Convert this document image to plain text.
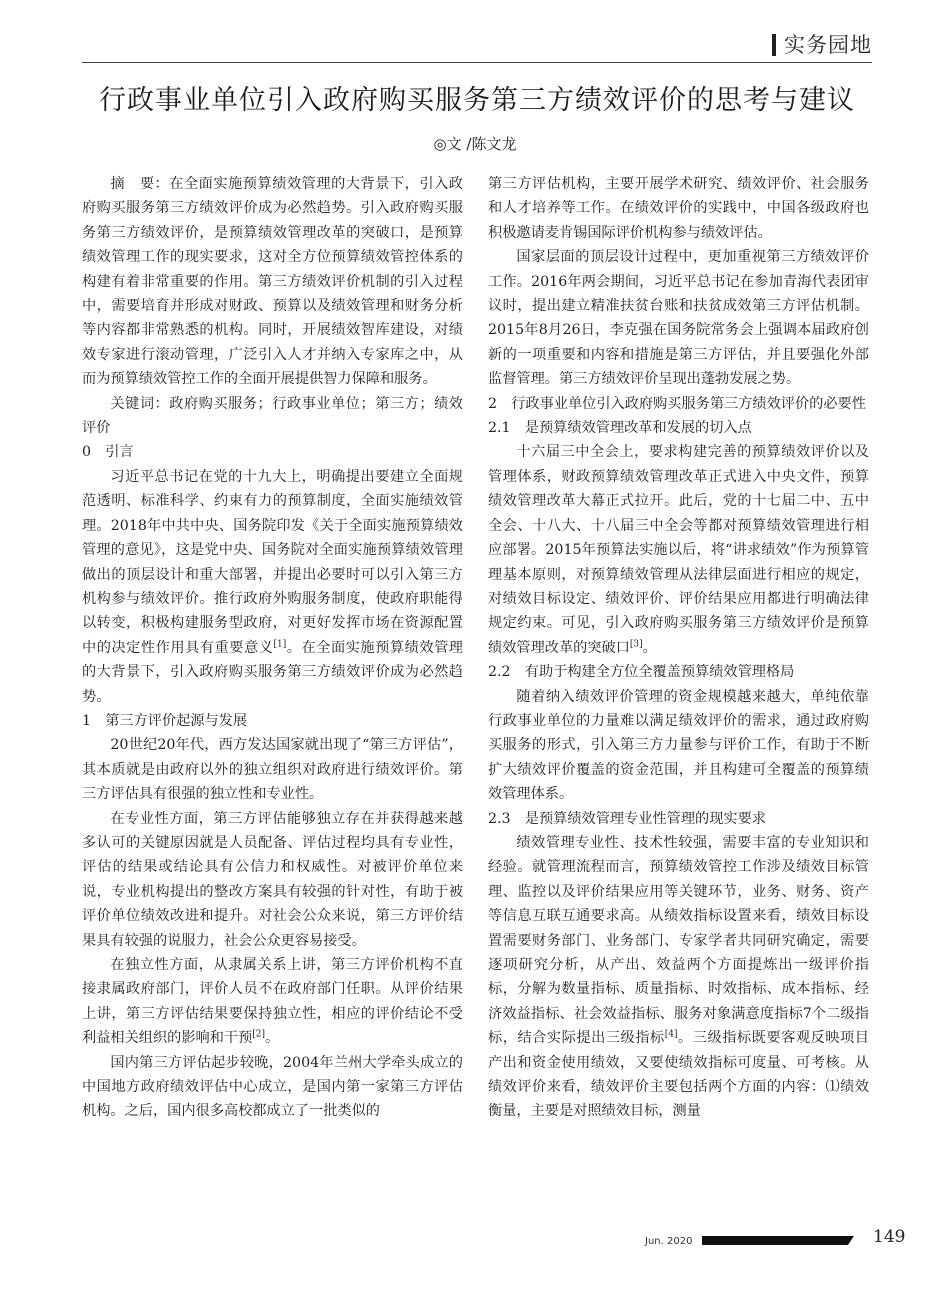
实务园地
行政事业单位引入政府购买服务第三方绩效评价的思考与建议
◎文 /陈文龙

摘　要：在全面实施预算绩效管理的大背景下，引入政府购买服务第三方绩效评价成为必然趋势。引入政府购买服务第三方绩效评价，是预算绩效管理改革的突破口，是预算绩效管理工作的现实要求，这对全方位预算绩效管控体系的构建有着非常重要的作用。第三方绩效评价机制的引入过程中，需要培育并形成对财政、预算以及绩效管理和财务分析等内容都非常熟悉的机构。同时，开展绩效智库建设，对绩效专家进行滚动管理，广泛引入人才并纳入专家库之中，从而为预算绩效管控工作的全面开展提供智力保障和服务。

关键词：政府购买服务；行政事业单位；第三方；绩效评价

0　引言

习近平总书记在党的十九大上，明确提出要建立全面规范透明、标准科学、约束有力的预算制度，全面实施绩效管理。2018年中共中央、国务院印发《关于全面实施预算绩效管理的意见》，这是党中央、国务院对全面实施预算绩效管理做出的顶层设计和重大部署，并提出必要时可以引入第三方机构参与绩效评价。推行政府外购服务制度，使政府职能得以转变，积极构建服务型政府，对更好发挥市场在资源配置中的决定性作用具有重要意义[1]。在全面实施预算绩效管理的大背景下，引入政府购买服务第三方绩效评价成为必然趋势。

1　第三方评价起源与发展

20世纪20年代，西方发达国家就出现了“第三方评估”，其本质就是由政府以外的独立组织对政府进行绩效评价。第三方评估具有很强的独立性和专业性。

在专业性方面，第三方评估能够独立存在并获得越来越多认可的关键原因就是人员配备、评估过程均具有专业性，评估的结果或结论具有公信力和权威性。对被评价单位来说，专业机构提出的整改方案具有较强的针对性，有助于被评价单位绩效改进和提升。对社会公众来说，第三方评价结果具有较强的说服力，社会公众更容易接受。

在独立性方面，从隶属关系上讲，第三方评价机构不直接隶属政府部门，评价人员不在政府部门任职。从评价结果上讲，第三方评估结果要保持独立性，相应的评价结论不受利益相关组织的影响和干预[2]。

国内第三方评估起步较晚，2004年兰州大学牵头成立的中国地方政府绩效评估中心成立，是国内第一家第三方评估机构。之后，国内很多高校都成立了一批类似的

第三方评估机构，主要开展学术研究、绩效评价、社会服务和人才培养等工作。在绩效评价的实践中，中国各级政府也积极邀请麦肯锡国际评价机构参与绩效评估。

国家层面的顶层设计过程中，更加重视第三方绩效评价工作。2016年两会期间，习近平总书记在参加青海代表团审议时，提出建立精准扶贫台账和扶贫成效第三方评估机制。2015年8月26日，李克强在国务院常务会上强调本届政府创新的一项重要和内容和措施是第三方评估，并且要强化外部监督管理。第三方绩效评价呈现出蓬勃发展之势。

2　行政事业单位引入政府购买服务第三方绩效评价的必要性

2.1　是预算绩效管理改革和发展的切入点

十六届三中全会上，要求构建完善的预算绩效评价以及管理体系，财政预算绩效管理改革正式进入中央文件，预算绩效管理改革大幕正式拉开。此后，党的十七届二中、五中全会、十八大、十八届三中全会等都对预算绩效管理进行相应部署。2015年预算法实施以后，将“讲求绩效”作为预算管理基本原则，对预算绩效管理从法律层面进行相应的规定，对绩效目标设定、绩效评价、评价结果应用都进行明确法律规定约束。可见，引入政府购买服务第三方绩效评价是预算绩效管理改革的突破口[3]。

2.2　有助于构建全方位全覆盖预算绩效管理格局

随着纳入绩效评价管理的资金规模越来越大，单纯依靠行政事业单位的力量难以满足绩效评价的需求，通过政府购买服务的形式，引入第三方力量参与评价工作，有助于不断扩大绩效评价覆盖的资金范围，并且构建可全覆盖的预算绩效管理体系。

2.3　是预算绩效管理专业性管理的现实要求

绩效管理专业性、技术性较强，需要丰富的专业知识和经验。就管理流程而言，预算绩效管控工作涉及绩效目标管理、监控以及评价结果应用等关键环节，业务、财务、资产等信息互联互通要求高。从绩效指标设置来看，绩效目标设置需要财务部门、业务部门、专家学者共同研究确定，需要逐项研究分析，从产出、效益两个方面提炼出一级评价指标，分解为数量指标、质量指标、时效指标、成本指标、经济效益指标、社会效益指标、服务对象满意度指标7个二级指标，结合实际提出三级指标[4]。三级指标既要客观反映项目产出和资金使用绩效，又要使绩效指标可度量、可考核。从绩效评价来看，绩效评价主要包括两个方面的内容：⑴绩效衡量，主要是对照绩效目标，测量

Jun. 2020	149
